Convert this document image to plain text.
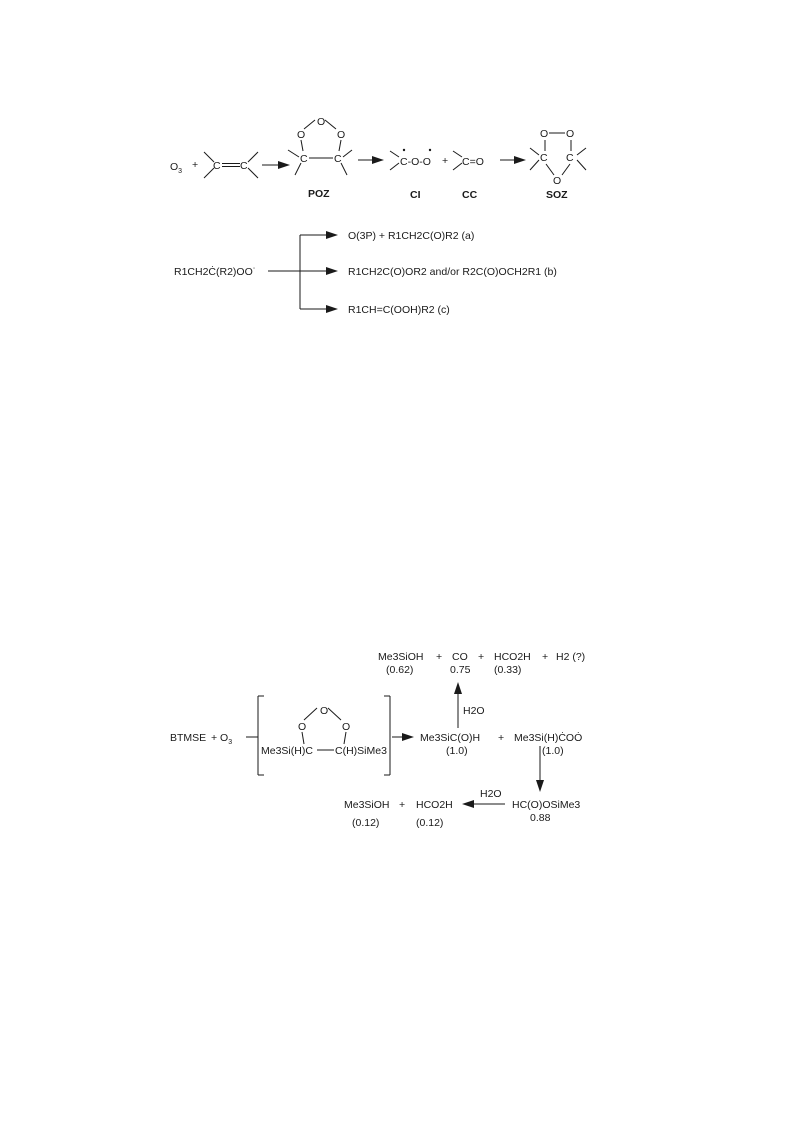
$O_3$
+ C C
O
O	O
C	C
POZ
C-O-O + C=O
CI	CC
O O
C C
O
SOZ
R1CH2Ċ(R2)OO˙
O(3P) + R1CH2C(O)R2 (a)
R1CH2C(O)OR2 and/or R2C(O)OCH2R1 (b)
R1CH=C(OOH)R2 (c)
BTMSE + $O_3$
O
O	O
Me3Si(H)C C(H)SiMe3
Me3SiC(O)H
(1.0)
+ Me3Si(H)ĊOȮ
(1.0)
H2O
Me3SiOH
(0.62)
+ CO
0.75
+ HCO2H
(0.33)
+ H2 (?)
HC(O)OSiMe3
0.88
H2O
Me3SiOH
(0.12)
+ HCO2H
(0.12)
